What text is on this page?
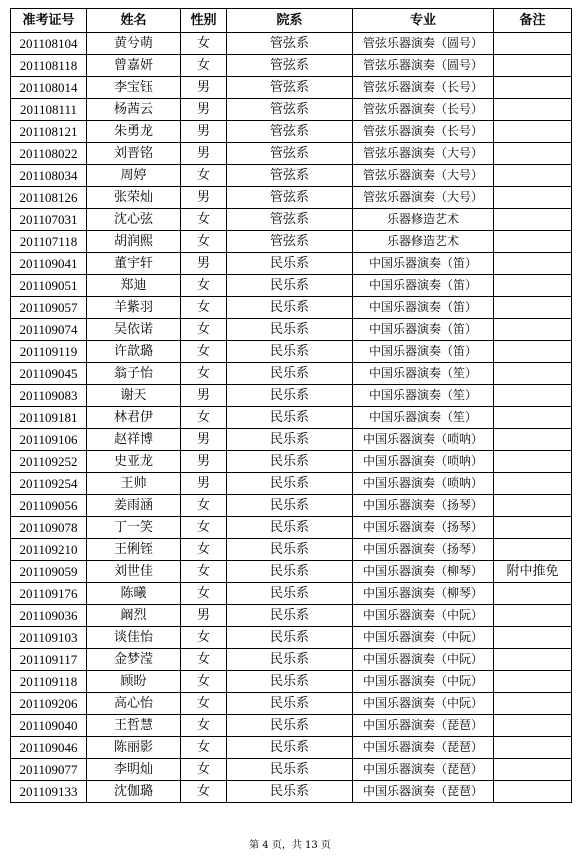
准考证号	姓名	性别	院系	专业	备注
201108104	黄兮萌	女	管弦系	管弦乐器演奏（圆号）	
201108118	曾嘉妍	女	管弦系	管弦乐器演奏（圆号）	
201108014	李宝钰	男	管弦系	管弦乐器演奏（长号）	
201108111	杨茜云	男	管弦系	管弦乐器演奏（长号）	
201108121	朱勇龙	男	管弦系	管弦乐器演奏（长号）	
201108022	刘晋铭	男	管弦系	管弦乐器演奏（大号）	
201108034	周婷	女	管弦系	管弦乐器演奏（大号）	
201108126	张荣灿	男	管弦系	管弦乐器演奏（大号）	
201107031	沈心弦	女	管弦系	乐器修造艺术	
201107118	胡润熙	女	管弦系	乐器修造艺术	
201109041	董宇轩	男	民乐系	中国乐器演奏（笛）	
201109051	郑迪	女	民乐系	中国乐器演奏（笛）	
201109057	羊紫羽	女	民乐系	中国乐器演奏（笛）	
201109074	吴依诺	女	民乐系	中国乐器演奏（笛）	
201109119	许歆璐	女	民乐系	中国乐器演奏（笛）	
201109045	翁子怡	女	民乐系	中国乐器演奏（笙）	
201109083	谢天	男	民乐系	中国乐器演奏（笙）	
201109181	林君伊	女	民乐系	中国乐器演奏（笙）	
201109106	赵祥博	男	民乐系	中国乐器演奏（唢呐）	
201109252	史亚龙	男	民乐系	中国乐器演奏（唢呐）	
201109254	王帅	男	民乐系	中国乐器演奏（唢呐）	
201109056	姜雨涵	女	民乐系	中国乐器演奏（扬琴）	
201109078	丁一笑	女	民乐系	中国乐器演奏（扬琴）	
201109210	王俐铚	女	民乐系	中国乐器演奏（扬琴）	
201109059	刘世佳	女	民乐系	中国乐器演奏（柳琴）	附中推免
201109176	陈曦	女	民乐系	中国乐器演奏（柳琴）	
201109036	阚烈	男	民乐系	中国乐器演奏（中阮）	
201109103	谈佳怡	女	民乐系	中国乐器演奏（中阮）	
201109117	金梦滢	女	民乐系	中国乐器演奏（中阮）	
201109118	顾盼	女	民乐系	中国乐器演奏（中阮）	
201109206	高心怡	女	民乐系	中国乐器演奏（中阮）	
201109040	王哲慧	女	民乐系	中国乐器演奏（琵琶）	
201109046	陈丽影	女	民乐系	中国乐器演奏（琵琶）	
201109077	李明灿	女	民乐系	中国乐器演奏（琵琶）	
201109133	沈伽璐	女	民乐系	中国乐器演奏（琵琶）	
第 4 页，共 13 页
